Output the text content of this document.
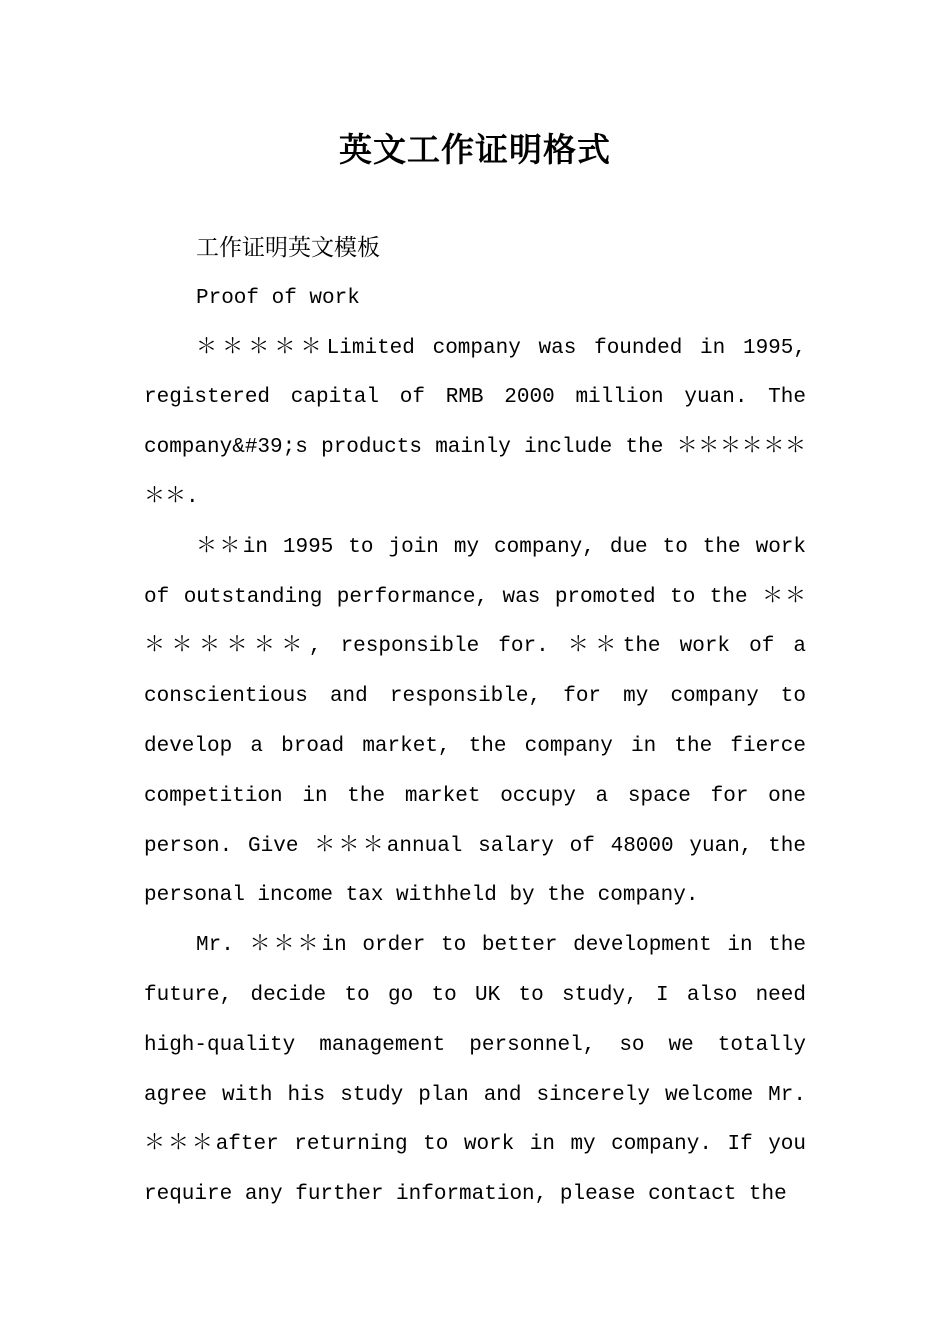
英文工作证明格式

工作证明英文模板

Proof of work

＊＊＊＊＊Limited company was founded in 1995, registered capital of RMB 2000 million yuan. The company&#39;s products mainly include the ＊＊＊＊＊＊＊＊.

＊＊in 1995 to join my company, due to the work of outstanding performance, was promoted to the ＊＊＊＊＊＊＊＊, responsible for. ＊＊the work of a conscientious and responsible, for my company to develop a broad market, the company in the fierce competition in the market occupy a space for one person. Give ＊＊＊annual salary of 48000 yuan, the personal income tax withheld by the company.

Mr. ＊＊＊in order to better development in the future, decide to go to UK to study, I also need high-quality management personnel, so we totally agree with his study plan and sincerely welcome Mr. ＊＊＊after returning to work in my company. If you require any further information, please contact the
